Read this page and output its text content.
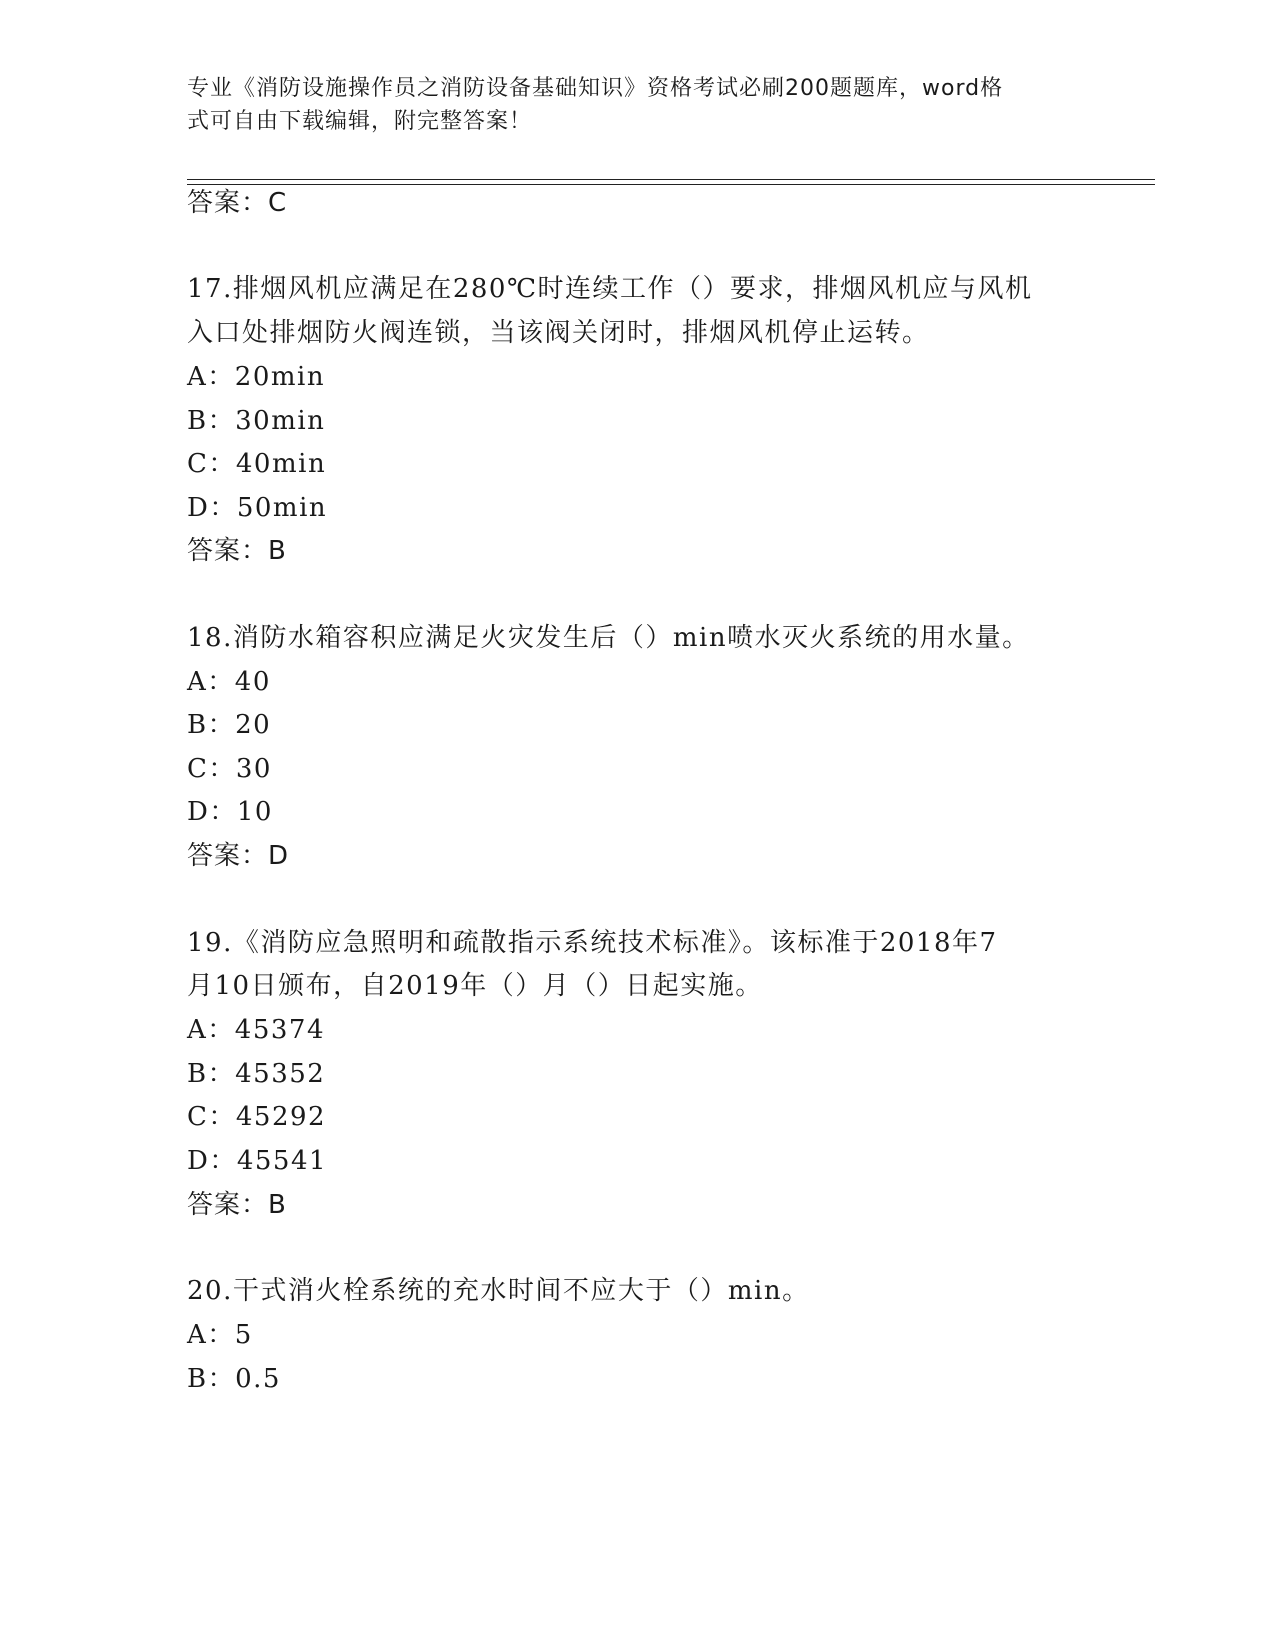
专业《消防设施操作员之消防设备基础知识》资格考试必刷200题题库，word格
式可自由下载编辑，附完整答案！
答案：C
17.排烟风机应满足在280℃时连续工作（）要求，排烟风机应与风机
入口处排烟防火阀连锁，当该阀关闭时，排烟风机停止运转。
A：20min
B：30min
C：40min
D：50min
答案：B
18.消防水箱容积应满足火灾发生后（）min喷水灭火系统的用水量。
A：40
B：20
C：30
D：10
答案：D
19.《消防应急照明和疏散指示系统技术标准》。该标准于2018年7
月10日颁布，自2019年（）月（）日起实施。
A：45374
B：45352
C：45292
D：45541
答案：B
20.干式消火栓系统的充水时间不应大于（）min。
A：5
B：0.5
